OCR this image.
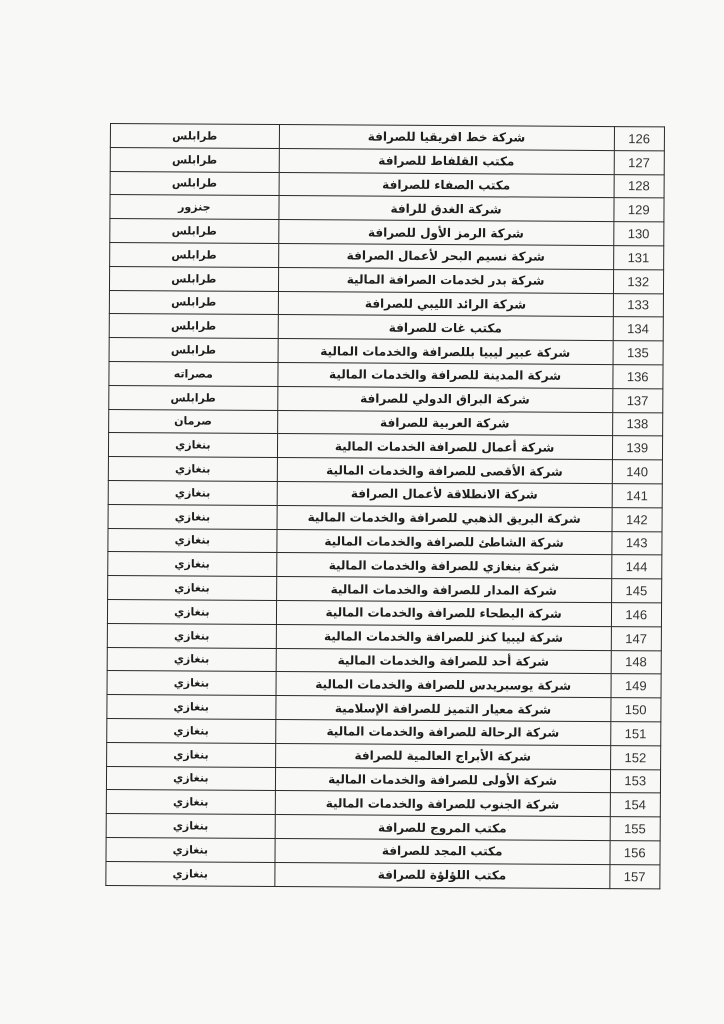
طرابلس	شركة خط افريقيا للصرافة	126
طرابلس	مكتب القلفاط للصرافة	127
طرابلس	مكتب الصفاء للصرافة	128
جنزور	شركة الغدق للرافة	129
طرابلس	شركة الرمز الأول للصرافة	130
طرابلس	شركة نسيم البحر لأعمال الصرافة	131
طرابلس	شركة بدر لخدمات الصرافة المالية	132
طرابلس	شركة الرائد الليبي للصرافة	133
طرابلس	مكتب غات للصرافة	134
طرابلس	شركة عبير ليبيا بللصرافة والخدمات المالية	135
مصراته	شركة المدينة للصرافة والخدمات المالية	136
طرابلس	شركة البراق الدولي للصرافة	137
صرمان	شركة العربية للصرافة	138
بنغازي	شركة أعمال للصرافة الخدمات المالية	139
بنغازي	شركة الأقصى للصرافة والخدمات المالية	140
بنغازي	شركة الانطلاقة لأعمال الصرافة	141
بنغازي	شركة البريق الذهبي للصرافة والخدمات المالية	142
بنغازي	شركة الشاطئ للصرافة والخدمات المالية	143
بنغازي	شركة بنغازي للصرافة والخدمات المالية	144
بنغازي	شركة المدار للصرافة والخدمات المالية	145
بنغازي	شركة البطحاء للصرافة والخدمات المالية	146
بنغازي	شركة ليبيا كنز للصرافة والخدمات المالية	147
بنغازي	شركة أحد للصرافة والخدمات المالية	148
بنغازي	شركة يوسبريدس للصرافة والخدمات المالية	149
بنغازي	شركة معيار التميز للصرافة الإسلامية	150
بنغازي	شركة الرحالة للصرافة والخدمات المالية	151
بنغازي	شركة الأبراج العالمية للصرافة	152
بنغازي	شركة الأولى للصرافة والخدمات المالية	153
بنغازي	شركة الجنوب للصرافة والخدمات المالية	154
بنغازي	مكتب المروج للصرافة	155
بنغازي	مكتب المجد للصرافة	156
بنغازي	مكتب اللؤلؤة للصرافة	157
